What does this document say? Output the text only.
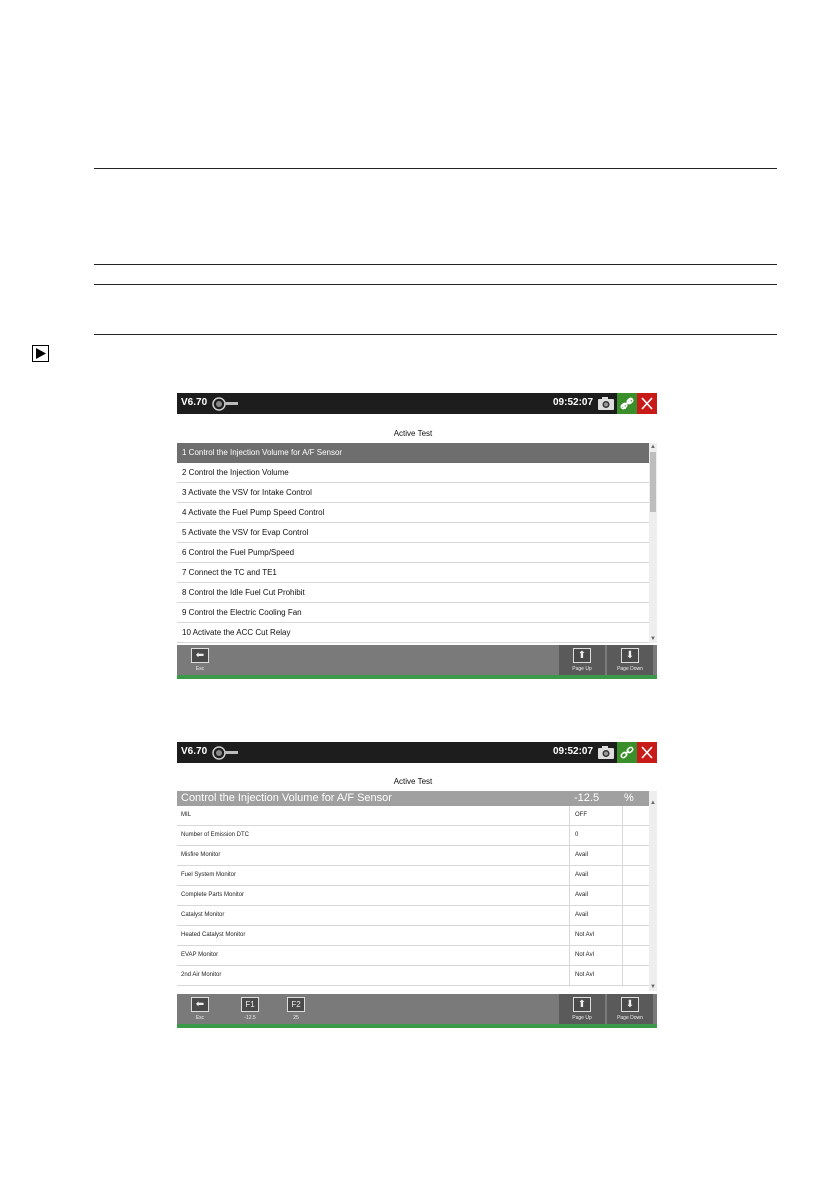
V6.70	09:52:07
Active Test
1 Control the Injection Volume for A/F Sensor
2 Control the Injection Volume
3 Activate the VSV for Intake Control
4 Activate the Fuel Pump Speed Control
5 Activate the VSV for Evap Control
6 Control the Fuel Pump/Speed
7 Connect the TC and TE1
8 Control the Idle Fuel Cut Prohibit
9 Control the Electric Cooling Fan
10 Activate the ACC Cut Relay
▲
▼
⬅
Esc
⬆
Page Up
⬇
Page Down
V6.70	09:52:07
Active Test
Control the Injection Volume for A/F Sensor	-12.5 %
MIL	OFF
Number of Emission DTC	0
Misfire Monitor	Avail
Fuel System Monitor	Avail
Complete Parts Monitor	Avail
Catalyst Monitor	Avail
Heated Catalyst Monitor	Not Avl
EVAP Monitor	Not Avl
2nd Air Monitor	Not Avl
▲
▼
⬅
Esc
F1
-12.5
F2
25
⬆
Page Up
⬇
Page Down
